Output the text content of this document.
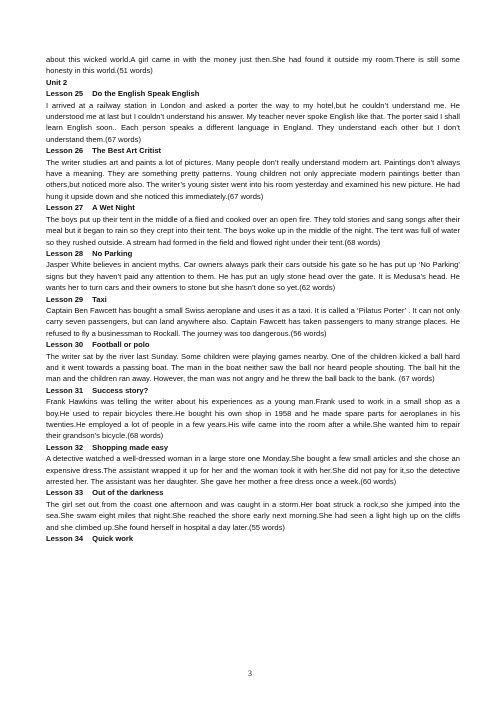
about this wicked world.A girl came in with the money just then.She had found it outside my room.There is still some honesty in this world.(51 words)

Unit 2

Lesson 25 Do the English Speak English

I arrived at a railway station in London and asked a porter the way to my hotel,but he couldn’t understand me. He understood me at last but I couldn’t understand his answer. My teacher never spoke English like that. The porter said I shall learn English soon.. Each person speaks a different language in England. They understand each other but I don’t understand them.(67 words)

Lesson 26 The Best Art Critist

The writer studies art and paints a lot of pictures. Many people don’t really understand modern art. Paintings don’t always have a meaning. They are something pretty patterns. Young children not only appreciate modern paintings better than others,but noticed more also. The writer’s young sister went into his room yesterday and examined his new picture. He had hung it upside down and she noticed this immediately.(67 words)

Lesson 27 A Wet Night

The boys put up their tent in the middle of a flied and cooked over an open fire. They told stories and sang songs after their meal but it began to rain so they crept into their tent. The boys woke up in the middle of the night. The tent was full of water so they rushed outside. A stream had formed in the field and flowed right under their tent.(68 words)

Lesson 28 No Parking

Jasper White believes in ancient myths. Car owners always park their cars outside his gate so he has put up ‘No Parking’ signs but they haven’t paid any attention to them. He has put an ugly stone head over the gate. It is Medusa’s head. He wants her to turn cars and their owners to stone but she hasn’t done so yet.(62 words)

Lesson 29 Taxi

Captain Ben Fawcett has bought a small Swiss aeroplane and uses it as a taxi. It is called a ‘Pilatus Porter’ . It can not only carry seven passengers, but can land anywhere also. Captain Fawcett has taken passengers to many strange places. He refused to fly a businessman to Rockall. The journey was too dangerous.(56 words)

Lesson 30 Football or polo

The writer sat by the river last Sunday. Some children were playing games nearby. One of the children kicked a ball hard and it went towards a passing boat. The man in the boat neither saw the ball nor heard people shouting. The ball hit the man and the children ran away. However, the man was not angry and he threw the ball back to the bank. (67 words)

Lesson 31 Success story?

Frank Hawkins was telling the writer about his experiences as a young man.Frank used to work in a small shop as a boy.He used to repair bicycles there.He bought his own shop in 1958 and he made spare parts for aeroplanes in his twenties.He employed a lot of people in a few years.His wife came into the room after a while.She wanted him to repair their grandson’s bicycle.(68 words)

Lesson 32 Shopping made easy

A detective watched a well-dressed woman in a large store one Monday.She bought a few small articles and she chose an expensive dress.The assistant wrapped it up for her and the woman took it with her.She did not pay for it,so the detective arrested her. The assistant was her daughter. She gave her mother a free dress once a week.(60 words)

Lesson 33 Out of the darkness

The girl set out from the coast one afternoon and was caught in a storm.Her boat struck a rock,so she jumped into the sea.She swam eight miles that night.She reached the shore early next morning.She had seen a light high up on the cliffs and she climbed up.She found herself in hospital a day later.(55 words)

Lesson 34 Quick work

3
